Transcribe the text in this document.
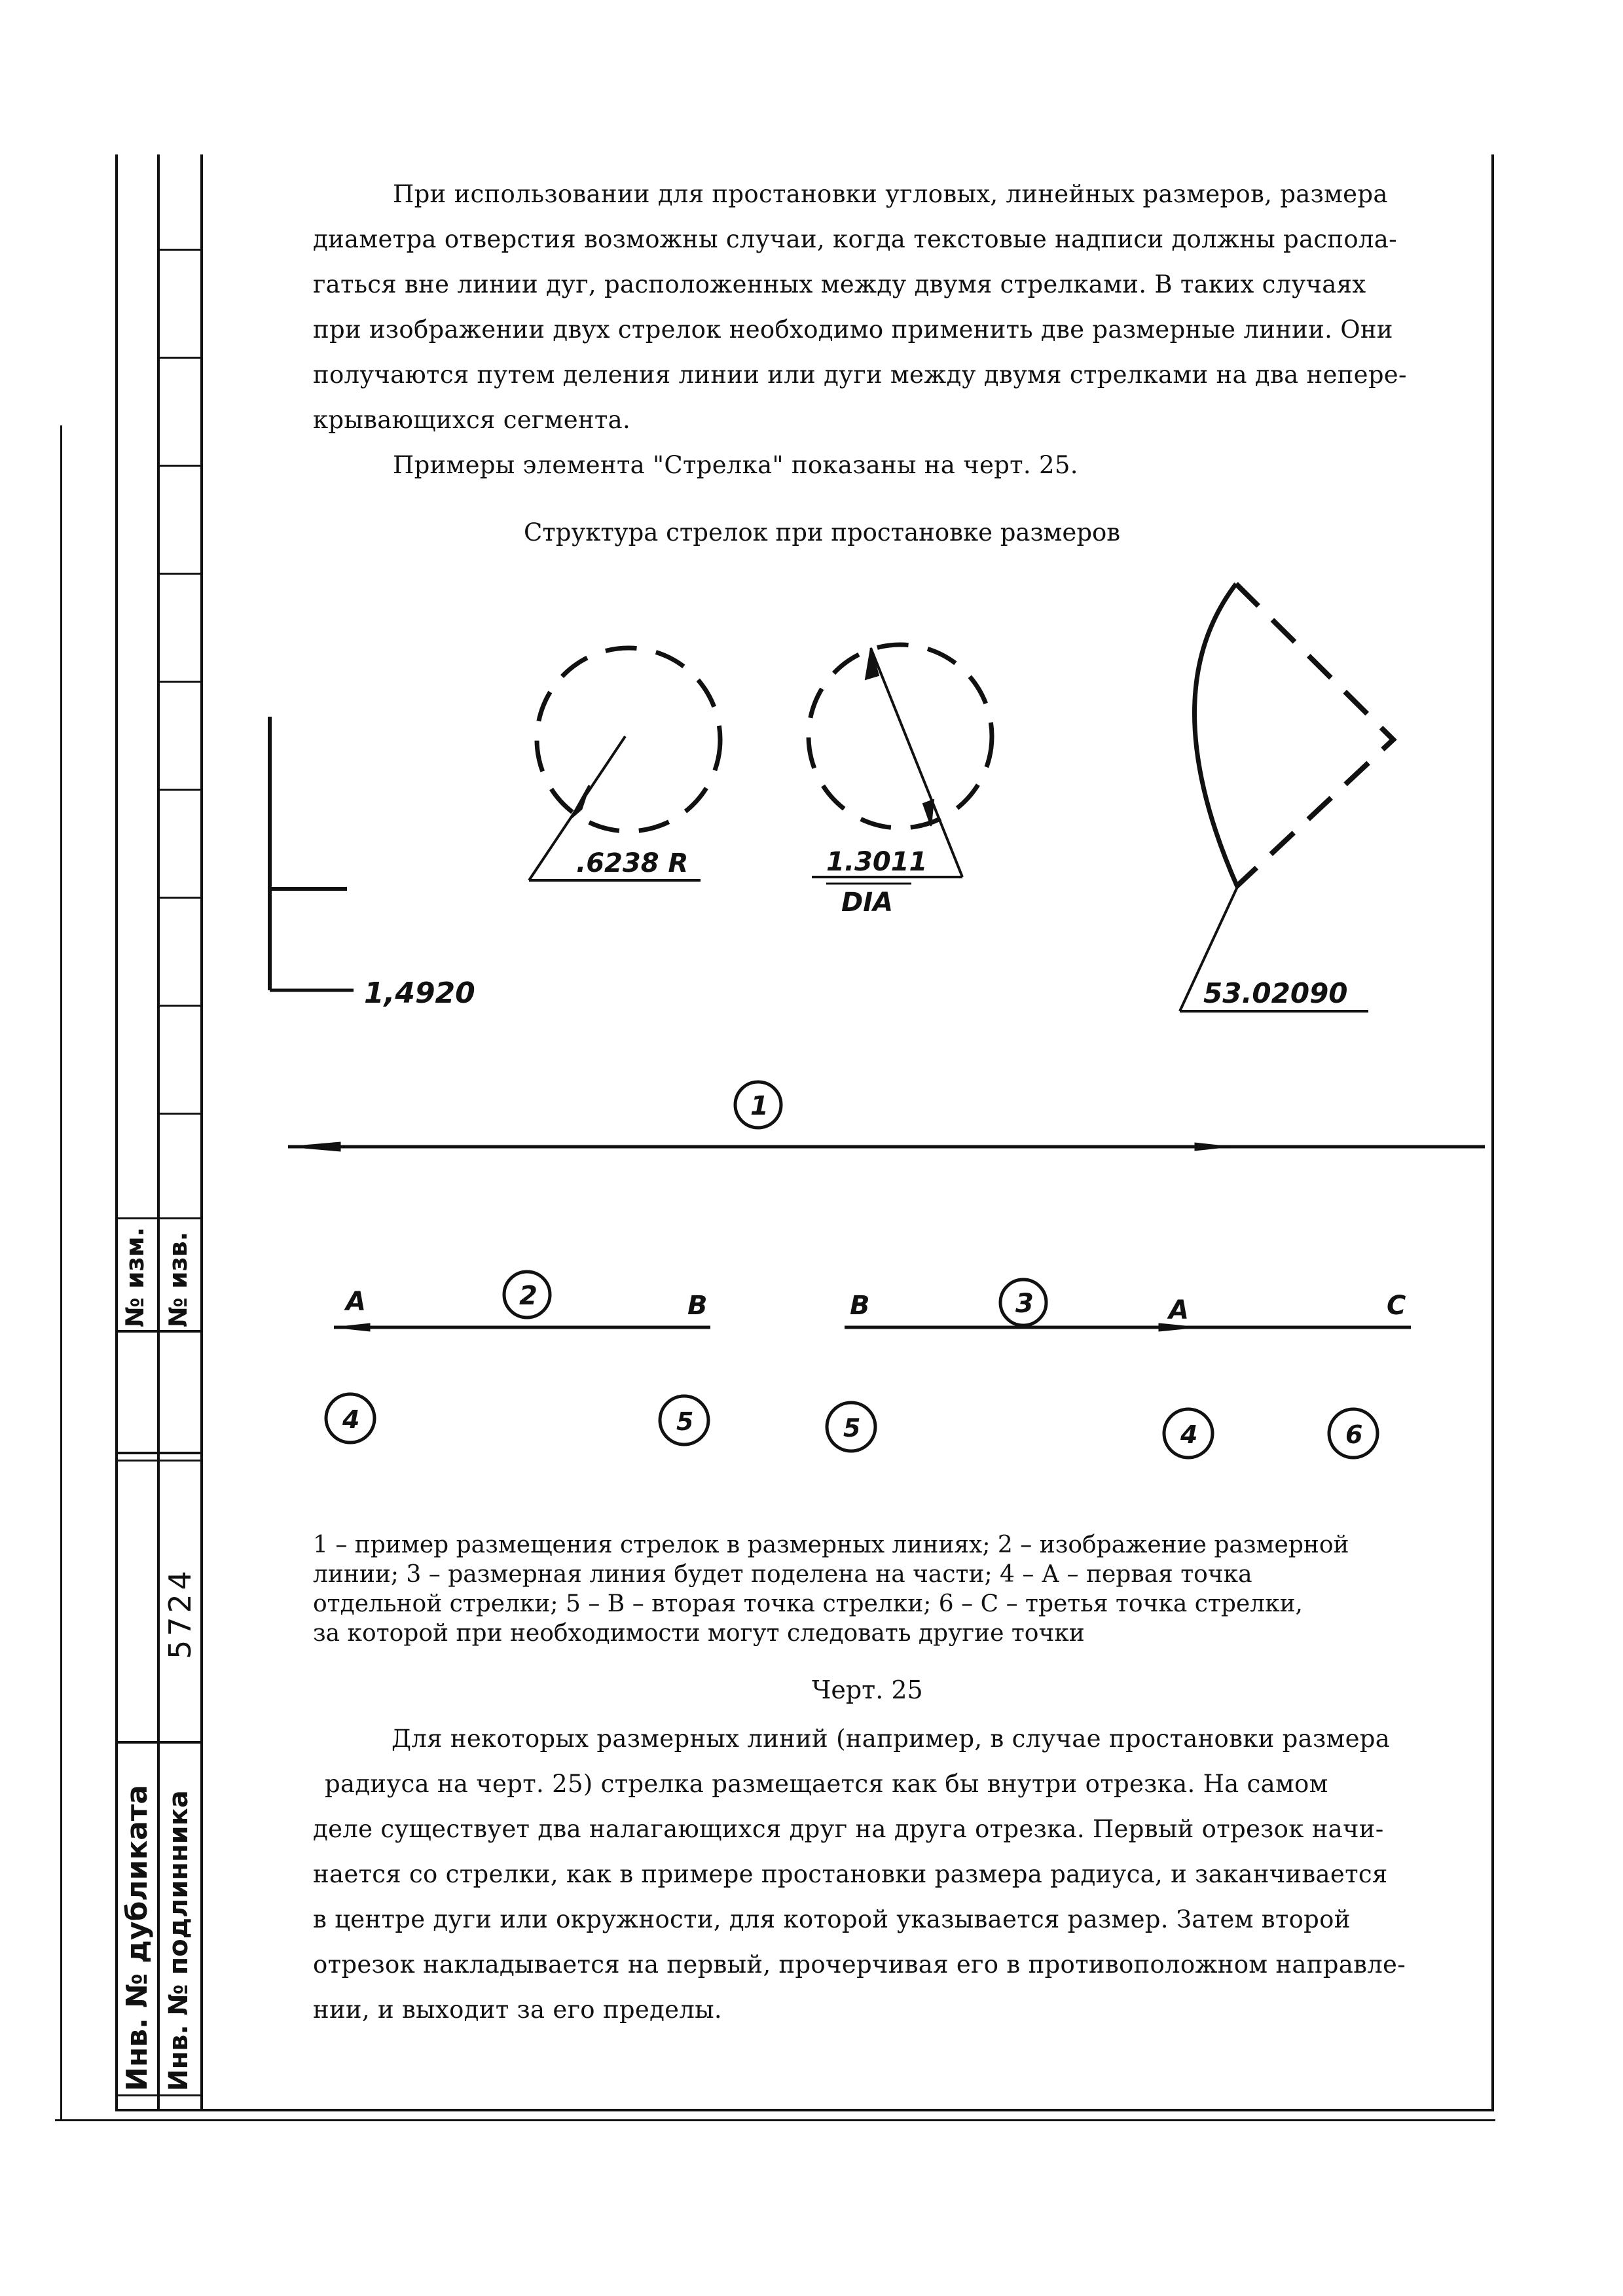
№ изм. № изв.
5724
Инв. № дубликата Инв. № подлинника
При использовании для простановки угловых, линейных размеров, размера
диаметра отверстия возможны случаи, когда текстовые надписи должны распола-
гаться вне линии дуг, расположенных между двумя стрелками. В таких случаях
при изображении двух стрелок необходимо применить две размерные линии. Они
получаются путем деления линии или дуги между двумя стрелками на два непере-
крывающихся сегмента.
Примеры элемента "Стрелка" показаны на черт. 25.
Структура стрелок при простановке размеров
1,4920
.6238 R	1.3011
DIA
53.02090
1
2	3
4	5	5	4	6
A	B	B	A	C
1 – пример размещения стрелок в размерных линиях; 2 – изображение размерной
линии; 3 – размерная линия будет поделена на части; 4 – А – первая точка
отдельной стрелки; 5 – В – вторая точка стрелки; 6 – С – третья точка стрелки,
за которой при необходимости могут следовать другие точки
Черт. 25
Для некоторых размерных линий (например, в случае простановки размера
радиуса на черт. 25) стрелка размещается как бы внутри отрезка. На самом
деле существует два налагающихся друг на друга отрезка. Первый отрезок начи-
нается со стрелки, как в примере простановки размера радиуса, и заканчивается
в центре дуги или окружности, для которой указывается размер. Затем второй
отрезок накладывается на первый, прочерчивая его в противоположном направле-
нии, и выходит за его пределы.
